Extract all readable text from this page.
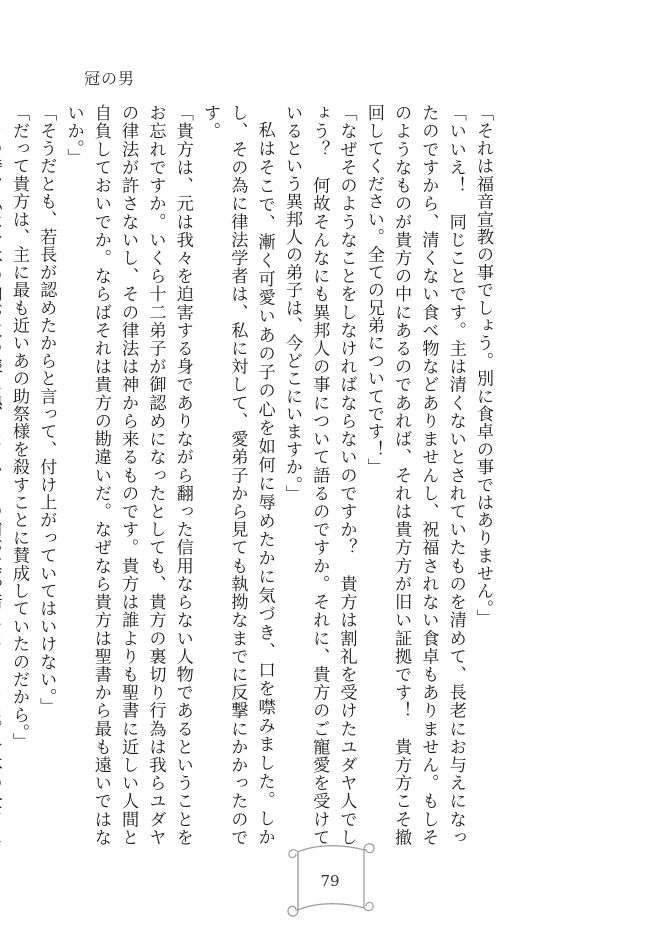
冠の男

「それは福音宣教の事でしょう。別に食卓の事ではありません。」

「いいえ！　同じことです。主は清くないとされていたものを清めて、長老にお与えになったのですから、清くない食べ物などありませんし、祝福されない食卓もありません。もしそのようなものが貴方の中にあるのであれば、それは貴方方が旧い証拠です！　貴方方こそ撤回してください。全ての兄弟についてです！」

「なぜそのようなことをしなければならないのですか？　貴方は割礼を受けたユダヤ人でしょう？　何故そんなにも異邦人の事について語るのですか。それに、貴方のご寵愛を受けているという異邦人の弟子は、今どこにいますか。」

私はそこで、漸く可愛いあの子の心を如何に辱めたかに気づき、口を噤みました。しかし、その為に律法学者は、私に対して、愛弟子から見ても執拗なまでに反撃にかかったのです。

「貴方は、元は我々を迫害する身でありながら翻った信用ならない人物であるということをお忘れですか。いくら十二弟子が御認めになったとしても、貴方の裏切り行為は我らユダヤの律法が許さないし、その律法は神から来るものです。貴方は誰よりも聖書に近しい人間と自負しておいでか。ならばそれは貴方の勘違いだ。なぜなら貴方は聖書から最も遠いではないか。」

「そうだとも、若長が認めたからと言って、付け上がっていてはいけない。」

「だって貴方は、主に最も近いあの助祭様を殺すことに賛成していたのだから。」

79
